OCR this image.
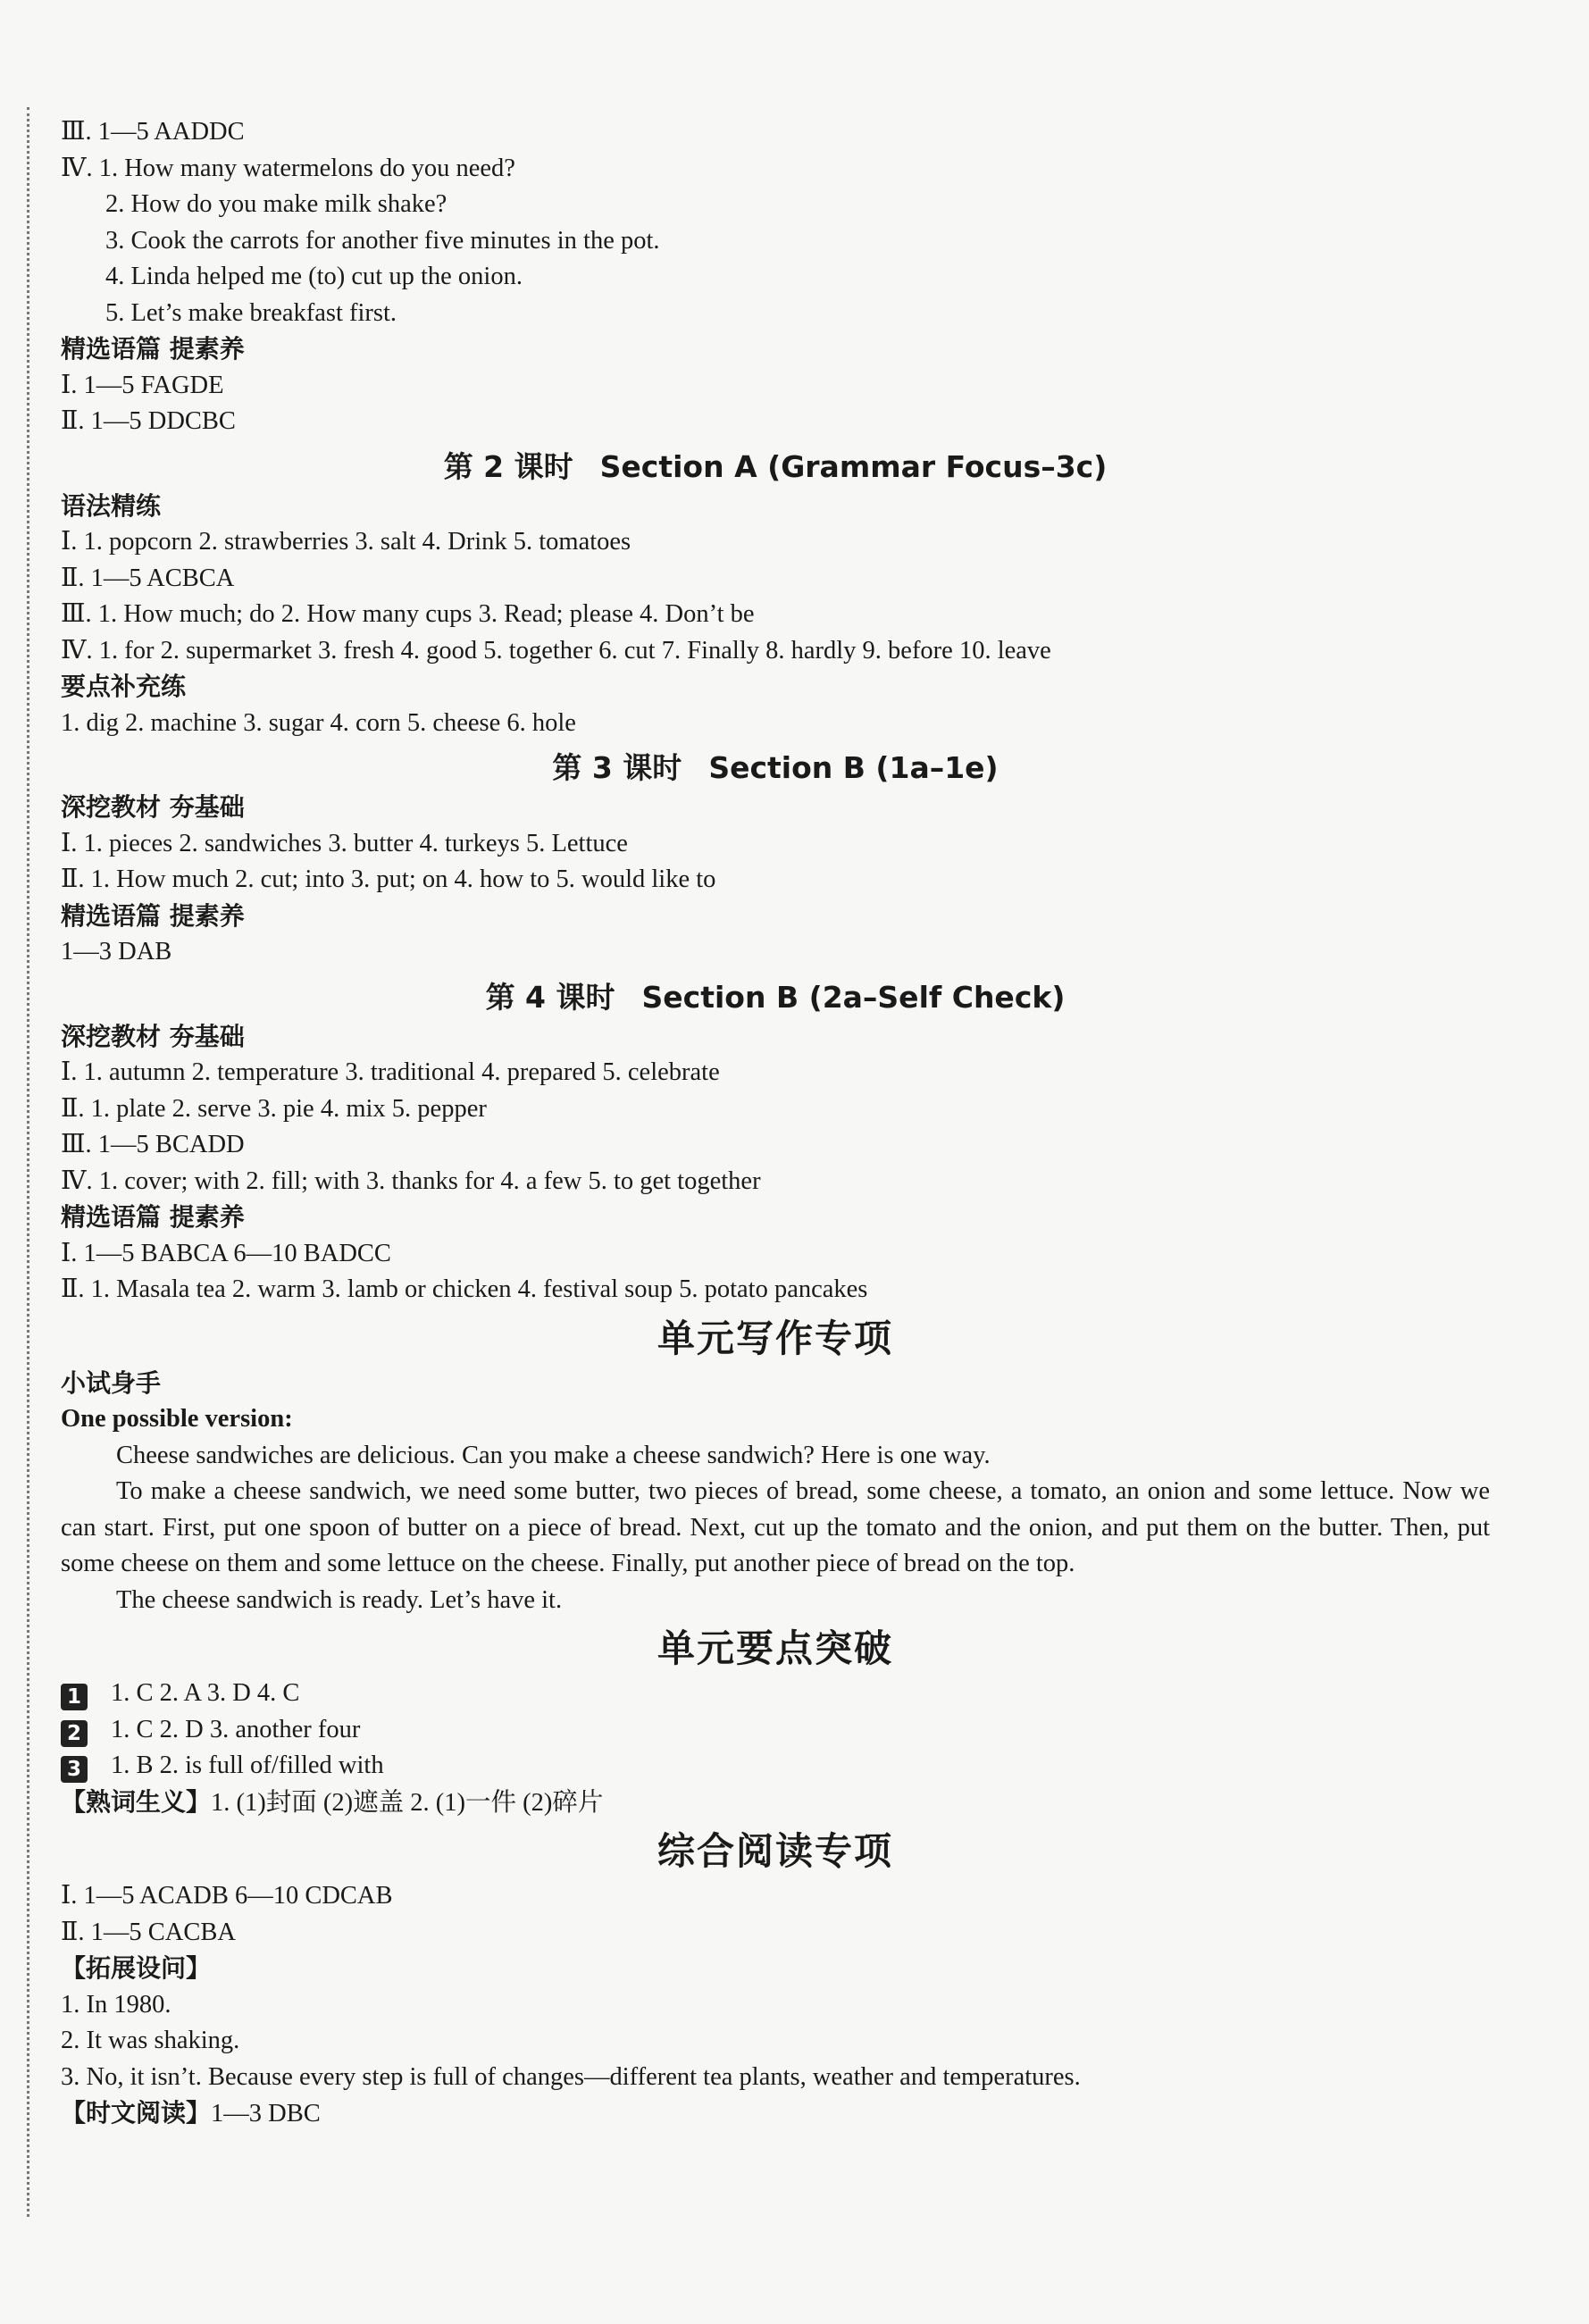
Ⅲ. 1—5 AADDC
Ⅳ. 1. How many watermelons do you need?
2. How do you make milk shake?
3. Cook the carrots for another five minutes in the pot.
4. Linda helped me (to) cut up the onion.
5. Let’s make breakfast first.
精选语篇 提素养
Ⅰ. 1—5 FAGDE
Ⅱ. 1—5 DDCBC
第 2 课时 Section A (Grammar Focus–3c)
语法精练
Ⅰ. 1. popcorn 2. strawberries 3. salt 4. Drink 5. tomatoes
Ⅱ. 1—5 ACBCA
Ⅲ. 1. How much; do 2. How many cups 3. Read; please 4. Don’t be
Ⅳ. 1. for 2. supermarket 3. fresh 4. good 5. together 6. cut 7. Finally 8. hardly 9. before 10. leave
要点补充练
1. dig 2. machine 3. sugar 4. corn 5. cheese 6. hole
第 3 课时 Section B (1a–1e)
深挖教材 夯基础
Ⅰ. 1. pieces 2. sandwiches 3. butter 4. turkeys 5. Lettuce
Ⅱ. 1. How much 2. cut; into 3. put; on 4. how to 5. would like to
精选语篇 提素养
1—3 DAB
第 4 课时 Section B (2a–Self Check)
深挖教材 夯基础
Ⅰ. 1. autumn 2. temperature 3. traditional 4. prepared 5. celebrate
Ⅱ. 1. plate 2. serve 3. pie 4. mix 5. pepper
Ⅲ. 1—5 BCADD
Ⅳ. 1. cover; with 2. fill; with 3. thanks for 4. a few 5. to get together
精选语篇 提素养
Ⅰ. 1—5 BABCA 6—10 BADCC
Ⅱ. 1. Masala tea 2. warm 3. lamb or chicken 4. festival soup 5. potato pancakes
单元写作专项
小试身手
One possible version:
Cheese sandwiches are delicious. Can you make a cheese sandwich? Here is one way.
To make a cheese sandwich, we need some butter, two pieces of bread, some cheese, a tomato, an onion and some lettuce. Now we can start. First, put one spoon of butter on a piece of bread. Next, cut up the tomato and the onion, and put them on the butter. Then, put some cheese on them and some lettuce on the cheese. Finally, put another piece of bread on the top.
The cheese sandwich is ready. Let’s have it.
单元要点突破
1 1. C 2. A 3. D 4. C
2 1. C 2. D 3. another four
3 1. B 2. is full of/filled with
【熟词生义】1. (1)封面 (2)遮盖 2. (1)一件 (2)碎片
综合阅读专项
Ⅰ. 1—5 ACADB 6—10 CDCAB
Ⅱ. 1—5 CACBA
【拓展设问】
1. In 1980.
2. It was shaking.
3. No, it isn’t. Because every step is full of changes—different tea plants, weather and temperatures.
【时文阅读】1—3 DBC
